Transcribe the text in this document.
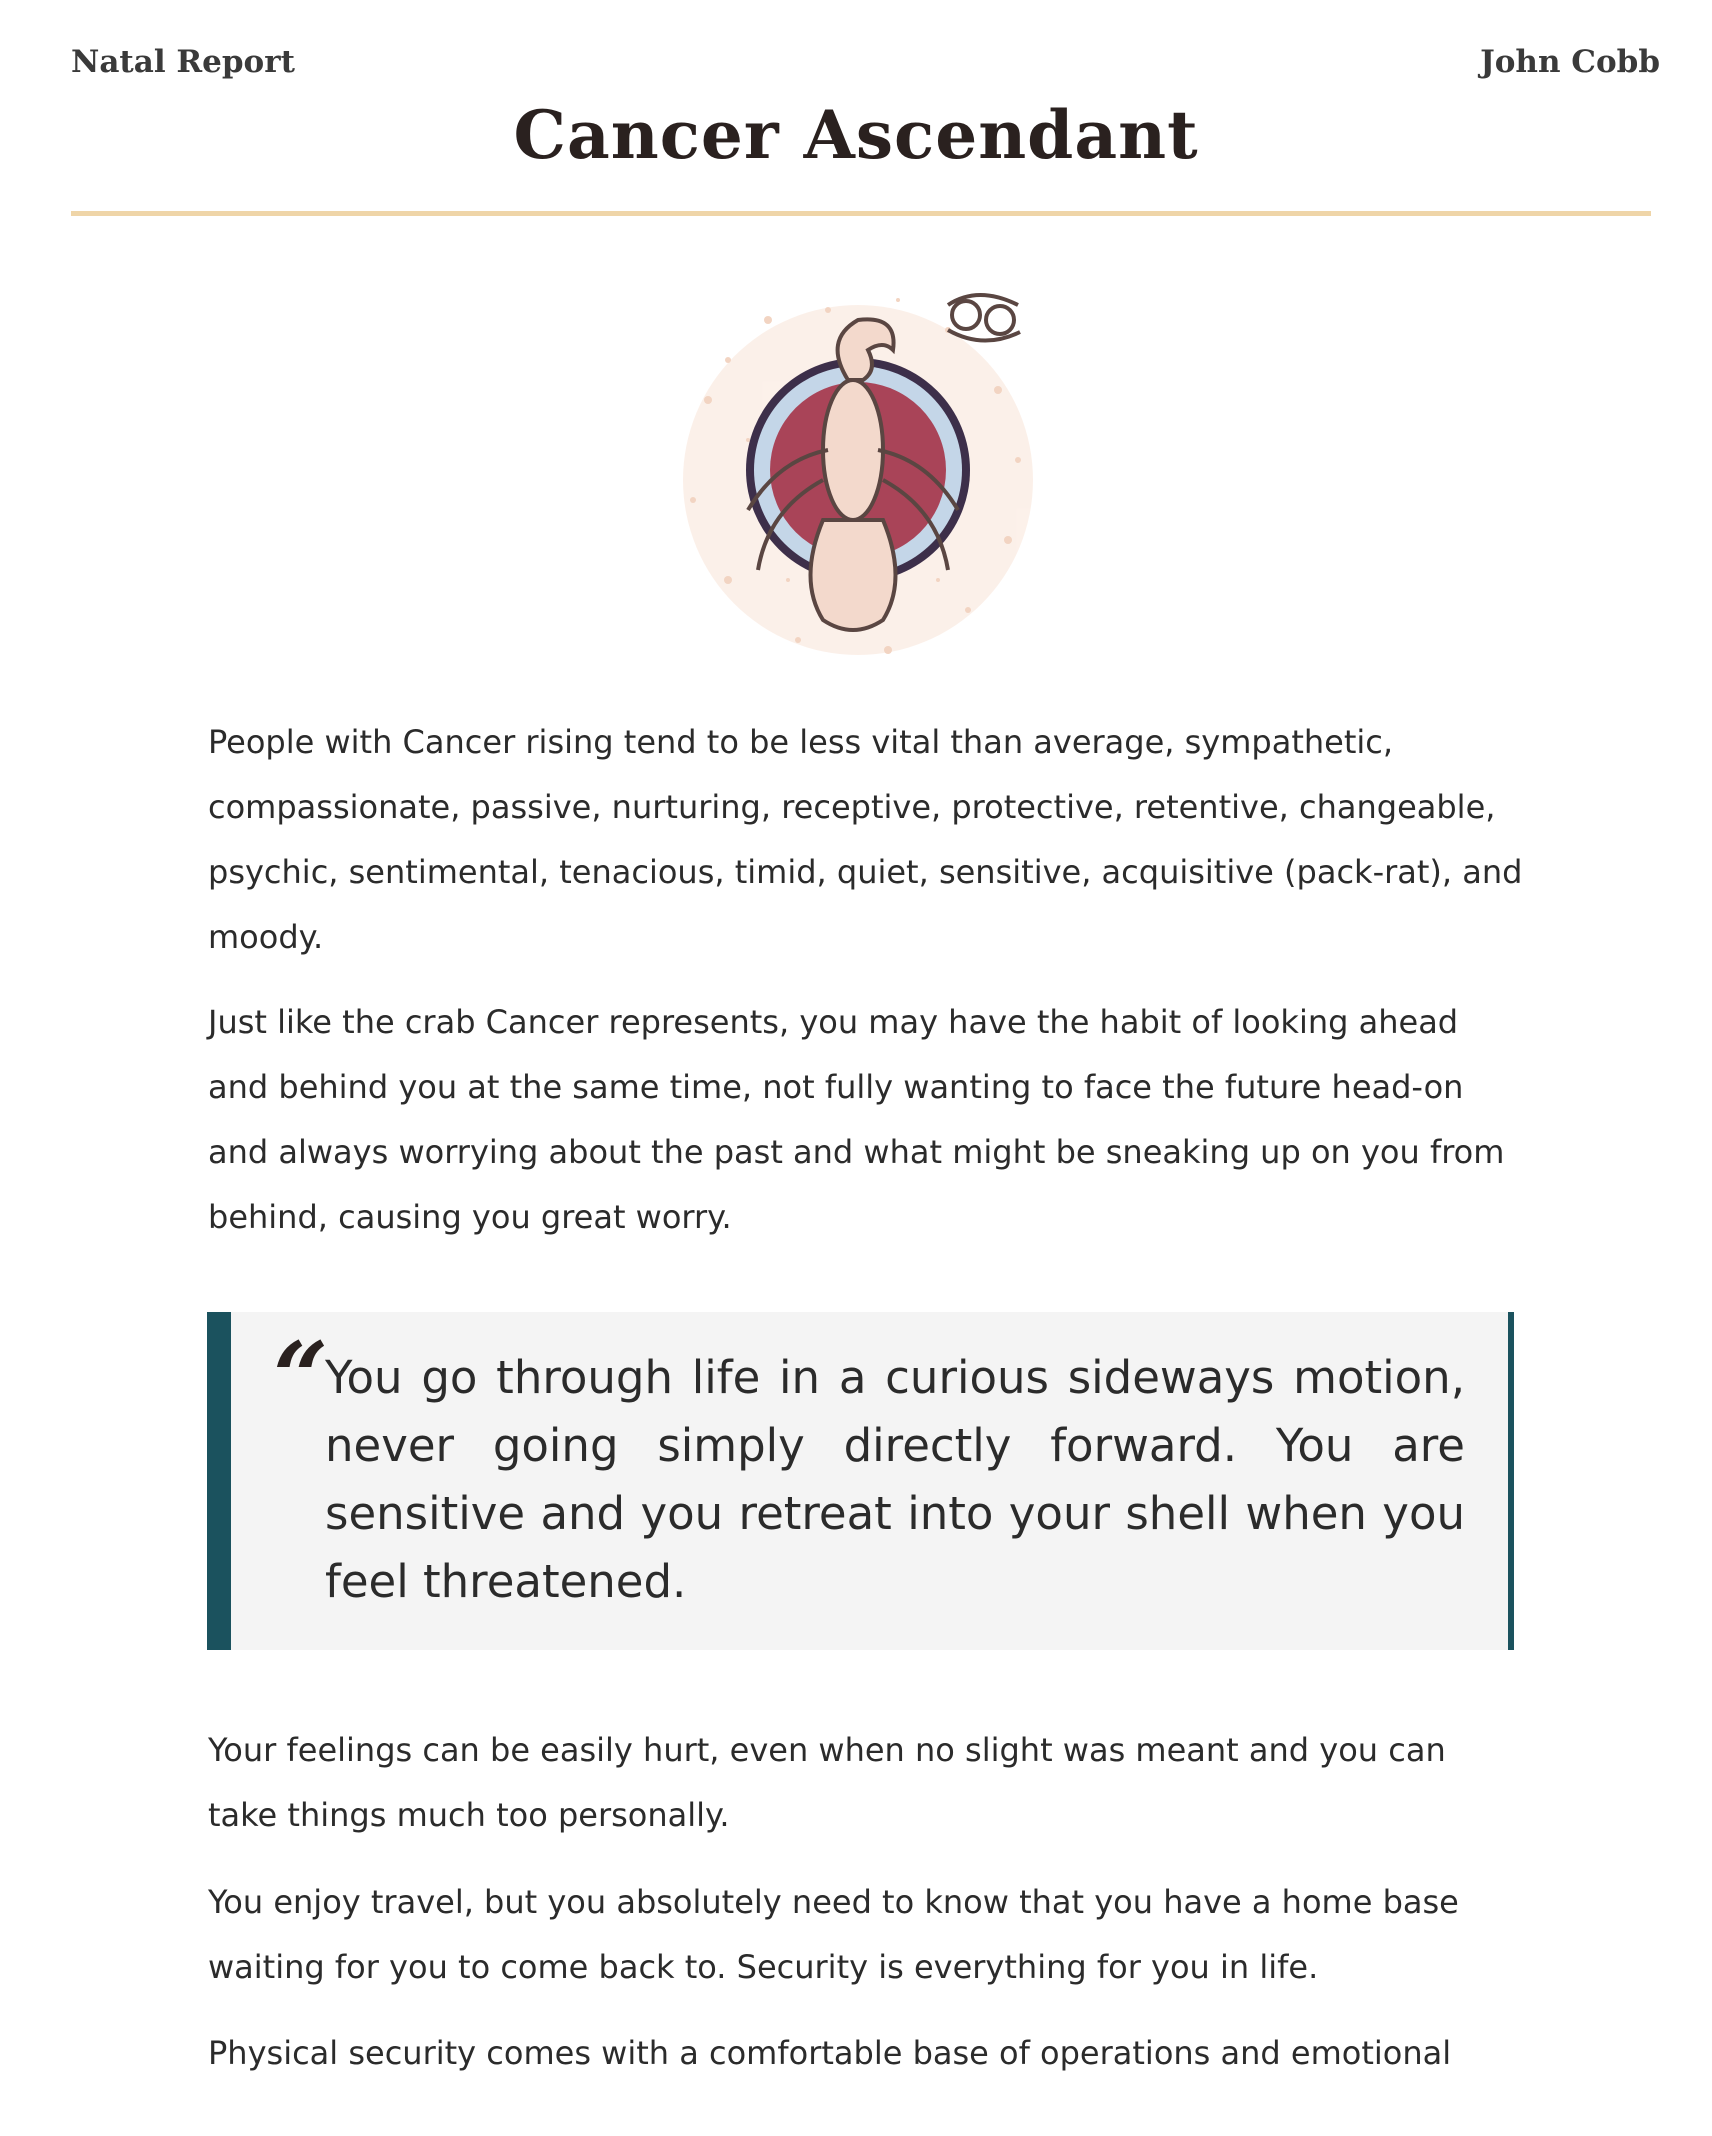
Natal Report	John Cobb
Cancer Ascendant

People with Cancer rising tend to be less vital than average, sympathetic, compassionate, passive, nurturing, receptive, protective, retentive, changeable, psychic, sentimental, tenacious, timid, quiet, sensitive, acquisitive (pack-rat), and moody.

Just like the crab Cancer represents, you may have the habit of looking ahead and behind you at the same time, not fully wanting to face the future head-on and always worrying about the past and what might be sneaking up on you from behind, causing you great worry.

“

You go through life in a curious sideways motion, never going simply directly forward. You are sensitive and you retreat into your shell when you feel threatened.

Your feelings can be easily hurt, even when no slight was meant and you can take things much too personally.

You enjoy travel, but you absolutely need to know that you have a home base waiting for you to come back to. Security is everything for you in life.

Physical security comes with a comfortable base of operations and emotional
